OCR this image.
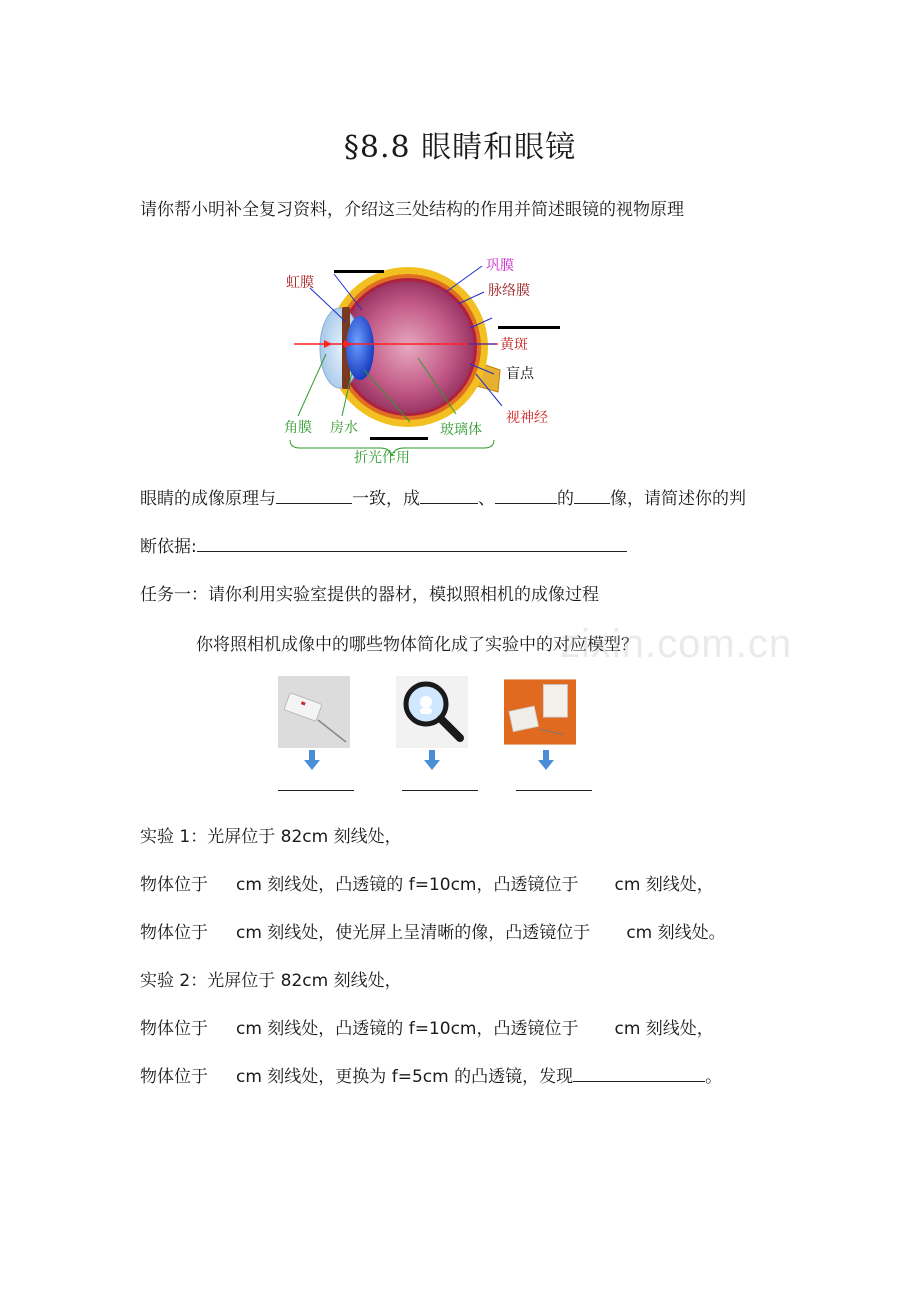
§8.8 眼睛和眼镜
请你帮小明补全复习资料，介绍这三处结构的作用并简述眼镜的视物原理
虹膜
巩膜
脉络膜
黄斑
盲点
视神经
角膜 房水	玻璃体
折光作用
眼睛的成像原理与	一致，成	、	的 像，请简述你的判
断依据:
任务一：请你利用实验室提供的器材，模拟照相机的成像过程
你将照相机成像中的哪些物体简化成了实验中的对应模型？
zixin.com.cn
实验 1：光屏位于 82cm 刻线处，
物体位于 cm 刻线处，凸透镜的 f=10cm，凸透镜位于 cm 刻线处，
物体位于 cm 刻线处，使光屏上呈清晰的像，凸透镜位于 cm 刻线处。
实验 2：光屏位于 82cm 刻线处，
物体位于 cm 刻线处，凸透镜的 f=10cm，凸透镜位于 cm 刻线处，
物体位于 cm 刻线处，更换为 f=5cm 的凸透镜，发现	。
